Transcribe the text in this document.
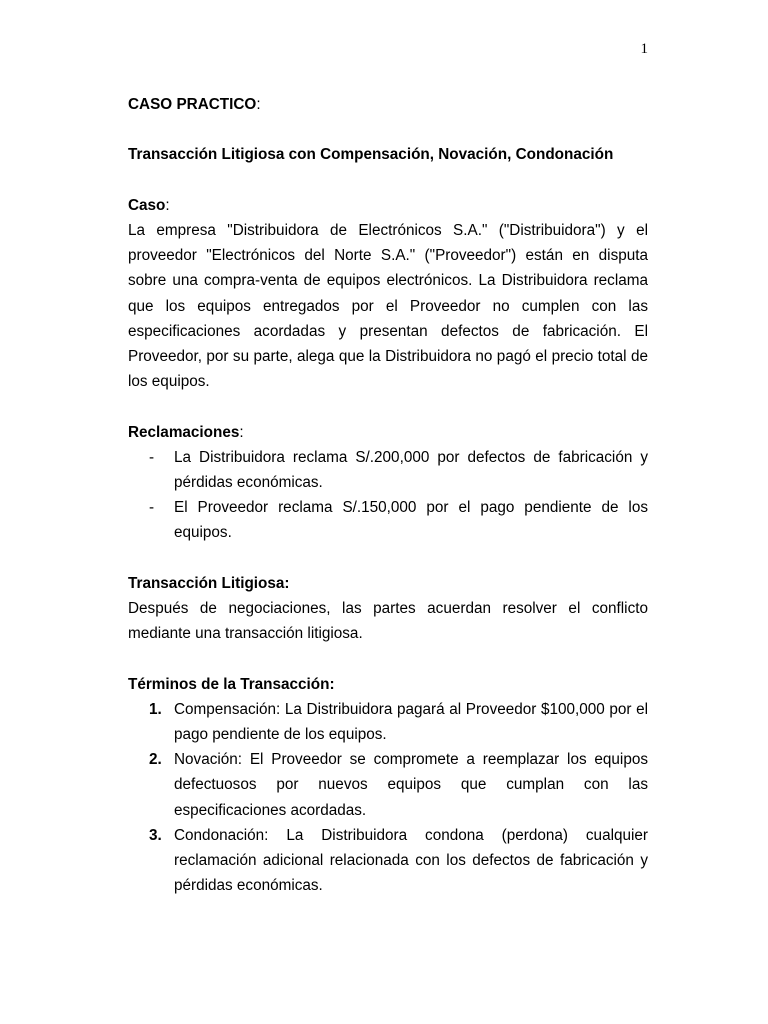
1
CASO PRACTICO:
Transacción Litigiosa con Compensación, Novación, Condonación
Caso:

La empresa "Distribuidora de Electrónicos S.A." ("Distribuidora") y el proveedor "Electrónicos del Norte S.A." ("Proveedor") están en disputa sobre una compra-venta de equipos electrónicos. La Distribuidora reclama que los equipos entregados por el Proveedor no cumplen con las especificaciones acordadas y presentan defectos de fabricación. El Proveedor, por su parte, alega que la Distribuidora no pagó el precio total de los equipos.

Reclamaciones:
- La Distribuidora reclama S/.200,000 por defectos de fabricación y pérdidas económicas.
- El Proveedor reclama S/.150,000 por el pago pendiente de los equipos.
Transacción Litigiosa:

Después de negociaciones, las partes acuerdan resolver el conflicto mediante una transacción litigiosa.

Términos de la Transacción:
1. Compensación: La Distribuidora pagará al Proveedor $100,000 por el pago pendiente de los equipos.
2. Novación: El Proveedor se compromete a reemplazar los equipos defectuosos por nuevos equipos que cumplan con las especificaciones acordadas.
3. Condonación: La Distribuidora condona (perdona) cualquier reclamación adicional relacionada con los defectos de fabricación y pérdidas económicas.
